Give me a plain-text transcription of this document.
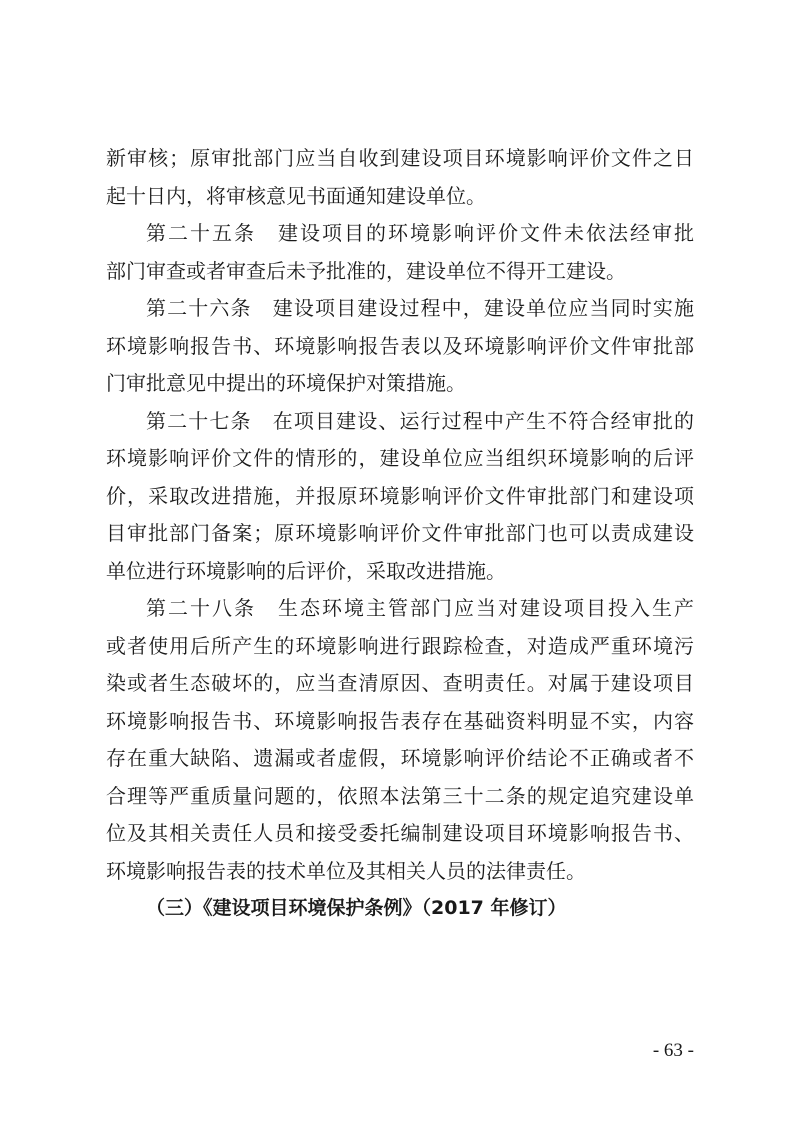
新审核；原审批部门应当自收到建设项目环境影响评价文件之日
起十日内，将审核意见书面通知建设单位。
第二十五条　建设项目的环境影响评价文件未依法经审批
部门审查或者审查后未予批准的，建设单位不得开工建设。
第二十六条　建设项目建设过程中，建设单位应当同时实施
环境影响报告书、环境影响报告表以及环境影响评价文件审批部
门审批意见中提出的环境保护对策措施。
第二十七条　在项目建设、运行过程中产生不符合经审批的
环境影响评价文件的情形的，建设单位应当组织环境影响的后评
价，采取改进措施，并报原环境影响评价文件审批部门和建设项
目审批部门备案；原环境影响评价文件审批部门也可以责成建设
单位进行环境影响的后评价，采取改进措施。
第二十八条　生态环境主管部门应当对建设项目投入生产
或者使用后所产生的环境影响进行跟踪检查，对造成严重环境污
染或者生态破坏的，应当查清原因、查明责任。对属于建设项目
环境影响报告书、环境影响报告表存在基础资料明显不实，内容
存在重大缺陷、遗漏或者虚假，环境影响评价结论不正确或者不
合理等严重质量问题的，依照本法第三十二条的规定追究建设单
位及其相关责任人员和接受委托编制建设项目环境影响报告书、
环境影响报告表的技术单位及其相关人员的法律责任。
（三）《建设项目环境保护条例》（2017 年修订）
- 63 -
